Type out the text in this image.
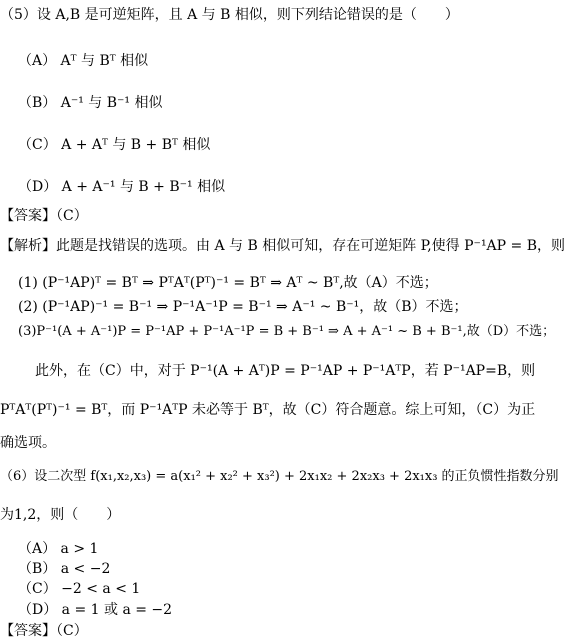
（5）设 A,B 是可逆矩阵，且 A 与 B 相似，则下列结论错误的是（　　）
（A） Aᵀ 与 Bᵀ 相似
（B） A⁻¹ 与 B⁻¹ 相似
（C） A + Aᵀ 与 B + Bᵀ 相似
（D） A + A⁻¹ 与 B + B⁻¹ 相似
【答案】（C）
【解析】此题是找错误的选项。由 A 与 B 相似可知，存在可逆矩阵 P,使得 P⁻¹AP = B，则
(1) (P⁻¹AP)ᵀ = Bᵀ ⇒ PᵀAᵀ(Pᵀ)⁻¹ = Bᵀ ⇒ Aᵀ ~ Bᵀ,故（A）不选；
(2) (P⁻¹AP)⁻¹ = B⁻¹ ⇒ P⁻¹A⁻¹P = B⁻¹ ⇒ A⁻¹ ~ B⁻¹，故（B）不选；
(3)P⁻¹(A + A⁻¹)P = P⁻¹AP + P⁻¹A⁻¹P = B + B⁻¹ ⇒ A + A⁻¹ ~ B + B⁻¹,故（D）不选；
此外，在（C）中，对于 P⁻¹(A + Aᵀ)P = P⁻¹AP + P⁻¹AᵀP，若 P⁻¹AP=B，则
PᵀAᵀ(Pᵀ)⁻¹ = Bᵀ，而 P⁻¹AᵀP 未必等于 Bᵀ，故（C）符合题意。综上可知，（C）为正
确选项。
（6）设二次型 f(x₁,x₂,x₃) = a(x₁² + x₂² + x₃²) + 2x₁x₂ + 2x₂x₃ + 2x₁x₃ 的正负惯性指数分别
为1,2，则（　　）
（A） a > 1
（B） a < −2
（C） −2 < a < 1
（D） a = 1 或 a = −2
【答案】（C）
